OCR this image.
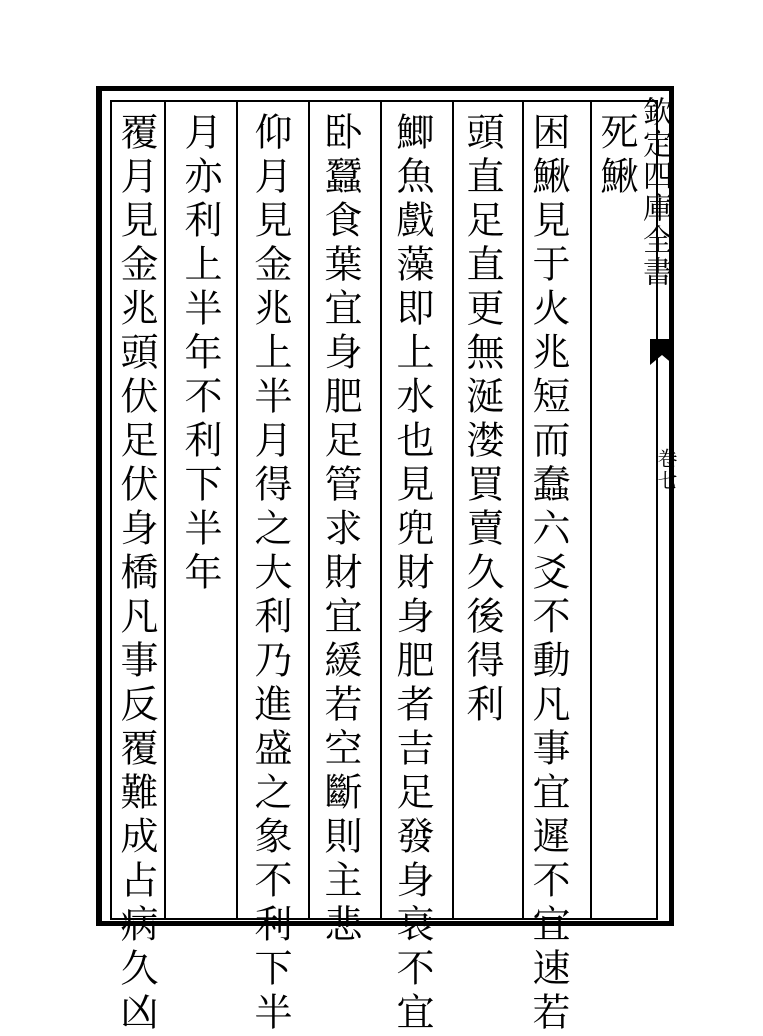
欽定四庫全書
卷七
死鰍
困鰍見于火兆短而蠢六爻不動凡事宜遲不宜速若
頭直足直更無涎漤買賣久後得利
鯽魚戲藻即上水也見兜財身肥者吉足發身衰不宜
卧蠶食葉宜身肥足管求財宜緩若空斷則主悲
仰月見金兆上半月得之大利乃進盛之象不利下半
月亦利上半年不利下半年
覆月見金兆頭伏足伏身橋凡事反覆難成占病久凶
